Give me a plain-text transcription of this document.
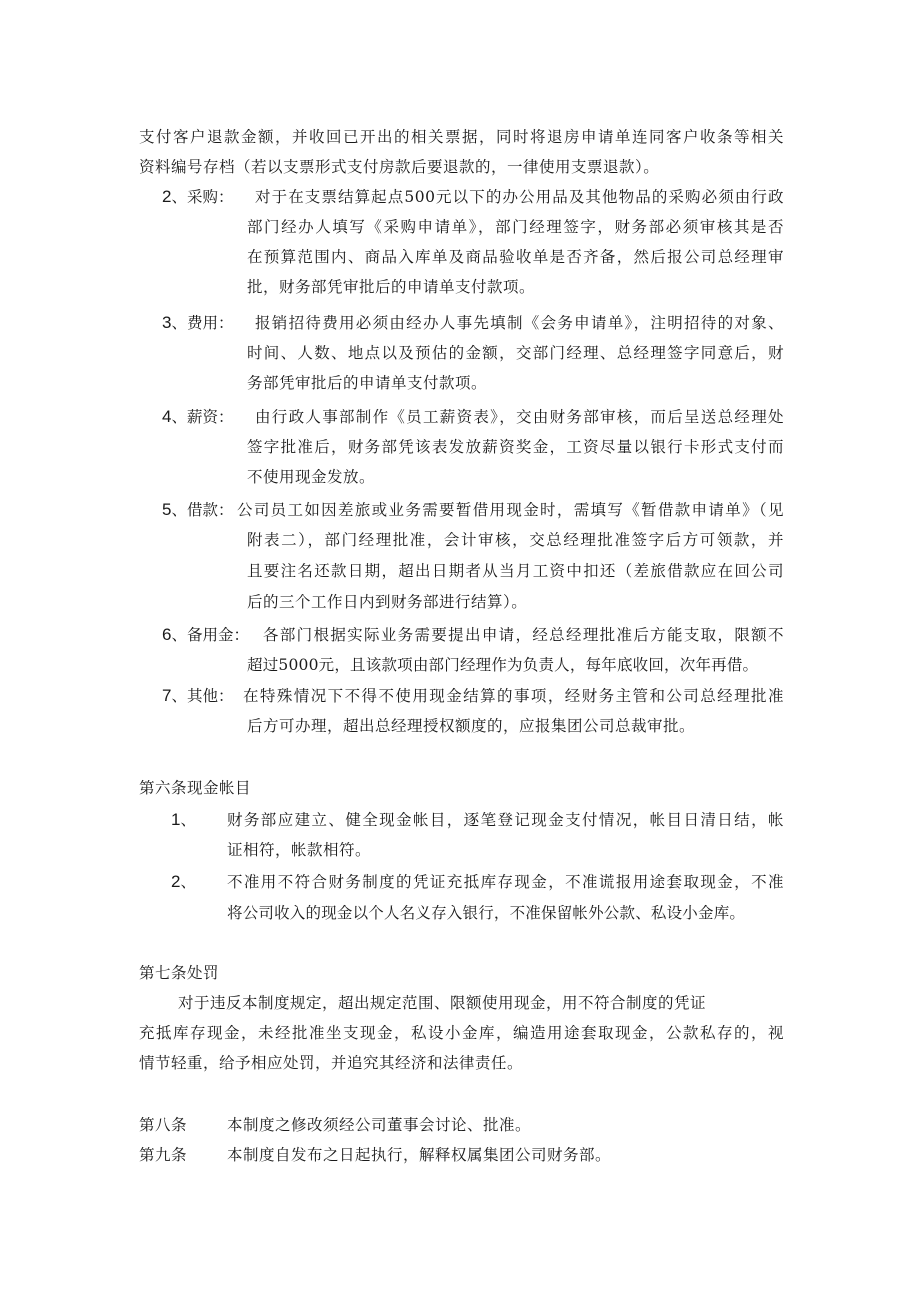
支付客户退款金额，并收回已开出的相关票据，同时将退房申请单连同客户收条等相关
资料编号存档（若以支票形式支付房款后要退款的，一律使用支票退款）。
2、采购： 对于在支票结算起点500元以下的办公用品及其他物品的采购必须由行政
部门经办人填写《采购申请单》，部门经理签字，财务部必须审核其是否
在预算范围内、商品入库单及商品验收单是否齐备，然后报公司总经理审
批，财务部凭审批后的申请单支付款项。
3、费用： 报销招待费用必须由经办人事先填制《会务申请单》，注明招待的对象、
时间、人数、地点以及预估的金额，交部门经理、总经理签字同意后，财
务部凭审批后的申请单支付款项。
4、薪资： 由行政人事部制作《员工薪资表》，交由财务部审核，而后呈送总经理处
签字批准后，财务部凭该表发放薪资奖金，工资尽量以银行卡形式支付而
不使用现金发放。
5、借款： 公司员工如因差旅或业务需要暂借用现金时，需填写《暂借款申请单》（见
附表二），部门经理批准，会计审核，交总经理批准签字后方可领款，并
且要注名还款日期，超出日期者从当月工资中扣还（差旅借款应在回公司
后的三个工作日内到财务部进行结算）。
6、备用金： 各部门根据实际业务需要提出申请，经总经理批准后方能支取，限额不
超过5000元，且该款项由部门经理作为负责人，每年底收回，次年再借。
7、其他： 在特殊情况下不得不使用现金结算的事项，经财务主管和公司总经理批准
后方可办理，超出总经理授权额度的，应报集团公司总裁审批。
第六条现金帐目
1、 财务部应建立、健全现金帐目，逐笔登记现金支付情况，帐目日清日结，帐
证相符，帐款相符。
2、 不准用不符合财务制度的凭证充抵库存现金，不准谎报用途套取现金，不准
将公司收入的现金以个人名义存入银行，不准保留帐外公款、私设小金库。
第七条处罚
对于违反本制度规定，超出规定范围、限额使用现金，用不符合制度的凭证
充抵库存现金，未经批准坐支现金，私设小金库，编造用途套取现金，公款私存的，视
情节轻重，给予相应处罚，并追究其经济和法律责任。
第八条	本制度之修改须经公司董事会讨论、批准。
第九条	本制度自发布之日起执行，解释权属集团公司财务部。
